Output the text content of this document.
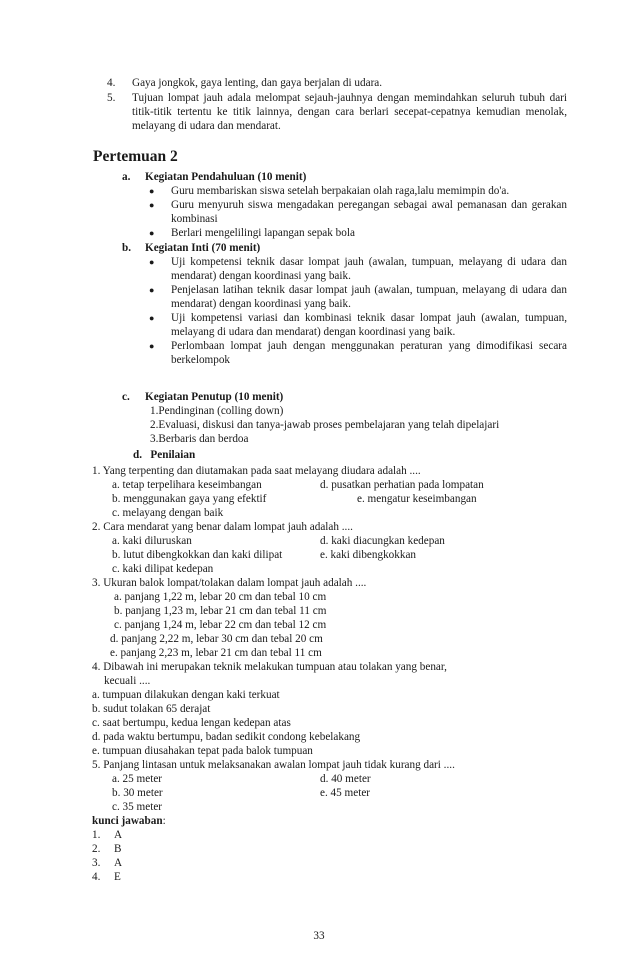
4.	Gaya jongkok, gaya lenting, dan gaya berjalan di udara.
5.	Tujuan lompat jauh adala melompat sejauh-jauhnya dengan memindahkan seluruh tubuh dari titik-titik tertentu ke titik lainnya, dengan cara berlari secepat-cepatnya kemudian menolak, melayang di udara dan mendarat.
Pertemuan 2
a. Kegiatan Pendahuluan (10 menit)
● Guru membariskan siswa setelah berpakaian olah raga,lalu memimpin do'a.
● Guru menyuruh siswa mengadakan peregangan sebagai awal pemanasan dan gerakan kombinasi
● Berlari mengelilingi lapangan sepak bola
b. Kegiatan Inti (70 menit)
● Uji kompetensi teknik dasar lompat jauh (awalan, tumpuan, melayang di udara dan mendarat) dengan koordinasi yang baik.
● Penjelasan latihan teknik dasar lompat jauh (awalan, tumpuan, melayang di udara dan mendarat) dengan koordinasi yang baik.
● Uji kompetensi variasi dan kombinasi teknik dasar lompat jauh (awalan, tumpuan, melayang di udara dan mendarat) dengan koordinasi yang baik.
● Perlombaan lompat jauh dengan menggunakan peraturan yang dimodifikasi secara berkelompok
c. Kegiatan Penutup (10 menit)
1.Pendinginan (colling down)
2.Evaluasi, diskusi dan tanya-jawab proses pembelajaran yang telah dipelajari
3.Berbaris dan berdoa
d. Penilaian
1. Yang terpenting dan diutamakan pada saat melayang diudara adalah ....
a. tetap terpelihara keseimbangan	d. pusatkan perhatian pada lompatan
b. menggunakan gaya yang efektif	e. mengatur keseimbangan
c. melayang dengan baik
2. Cara mendarat yang benar dalam lompat jauh adalah ....
a. kaki diluruskan	d. kaki diacungkan kedepan
b. lutut dibengkokkan dan kaki dilipat	e. kaki dibengkokkan
c. kaki dilipat kedepan
3. Ukuran balok lompat/tolakan dalam lompat jauh adalah ....
a. panjang 1,22 m, lebar 20 cm dan tebal 10 cm
b. panjang 1,23 m, lebar 21 cm dan tebal 11 cm
c. panjang 1,24 m, lebar 22 cm dan tebal 12 cm
d. panjang 2,22 m, lebar 30 cm dan tebal 20 cm
e. panjang 2,23 m, lebar 21 cm dan tebal 11 cm
4. Dibawah ini merupakan teknik melakukan tumpuan atau tolakan yang benar,
kecuali ....
a. tumpuan dilakukan dengan kaki terkuat
b. sudut tolakan 65 derajat
c. saat bertumpu, kedua lengan kedepan atas
d. pada waktu bertumpu, badan sedikit condong kebelakang
e. tumpuan diusahakan tepat pada balok tumpuan
5. Panjang lintasan untuk melaksanakan awalan lompat jauh tidak kurang dari ....
a. 25 meter	d. 40 meter
b. 30 meter	e. 45 meter
c. 35 meter
kunci jawaban:
1. A
2. B
3. A
4. E
33
